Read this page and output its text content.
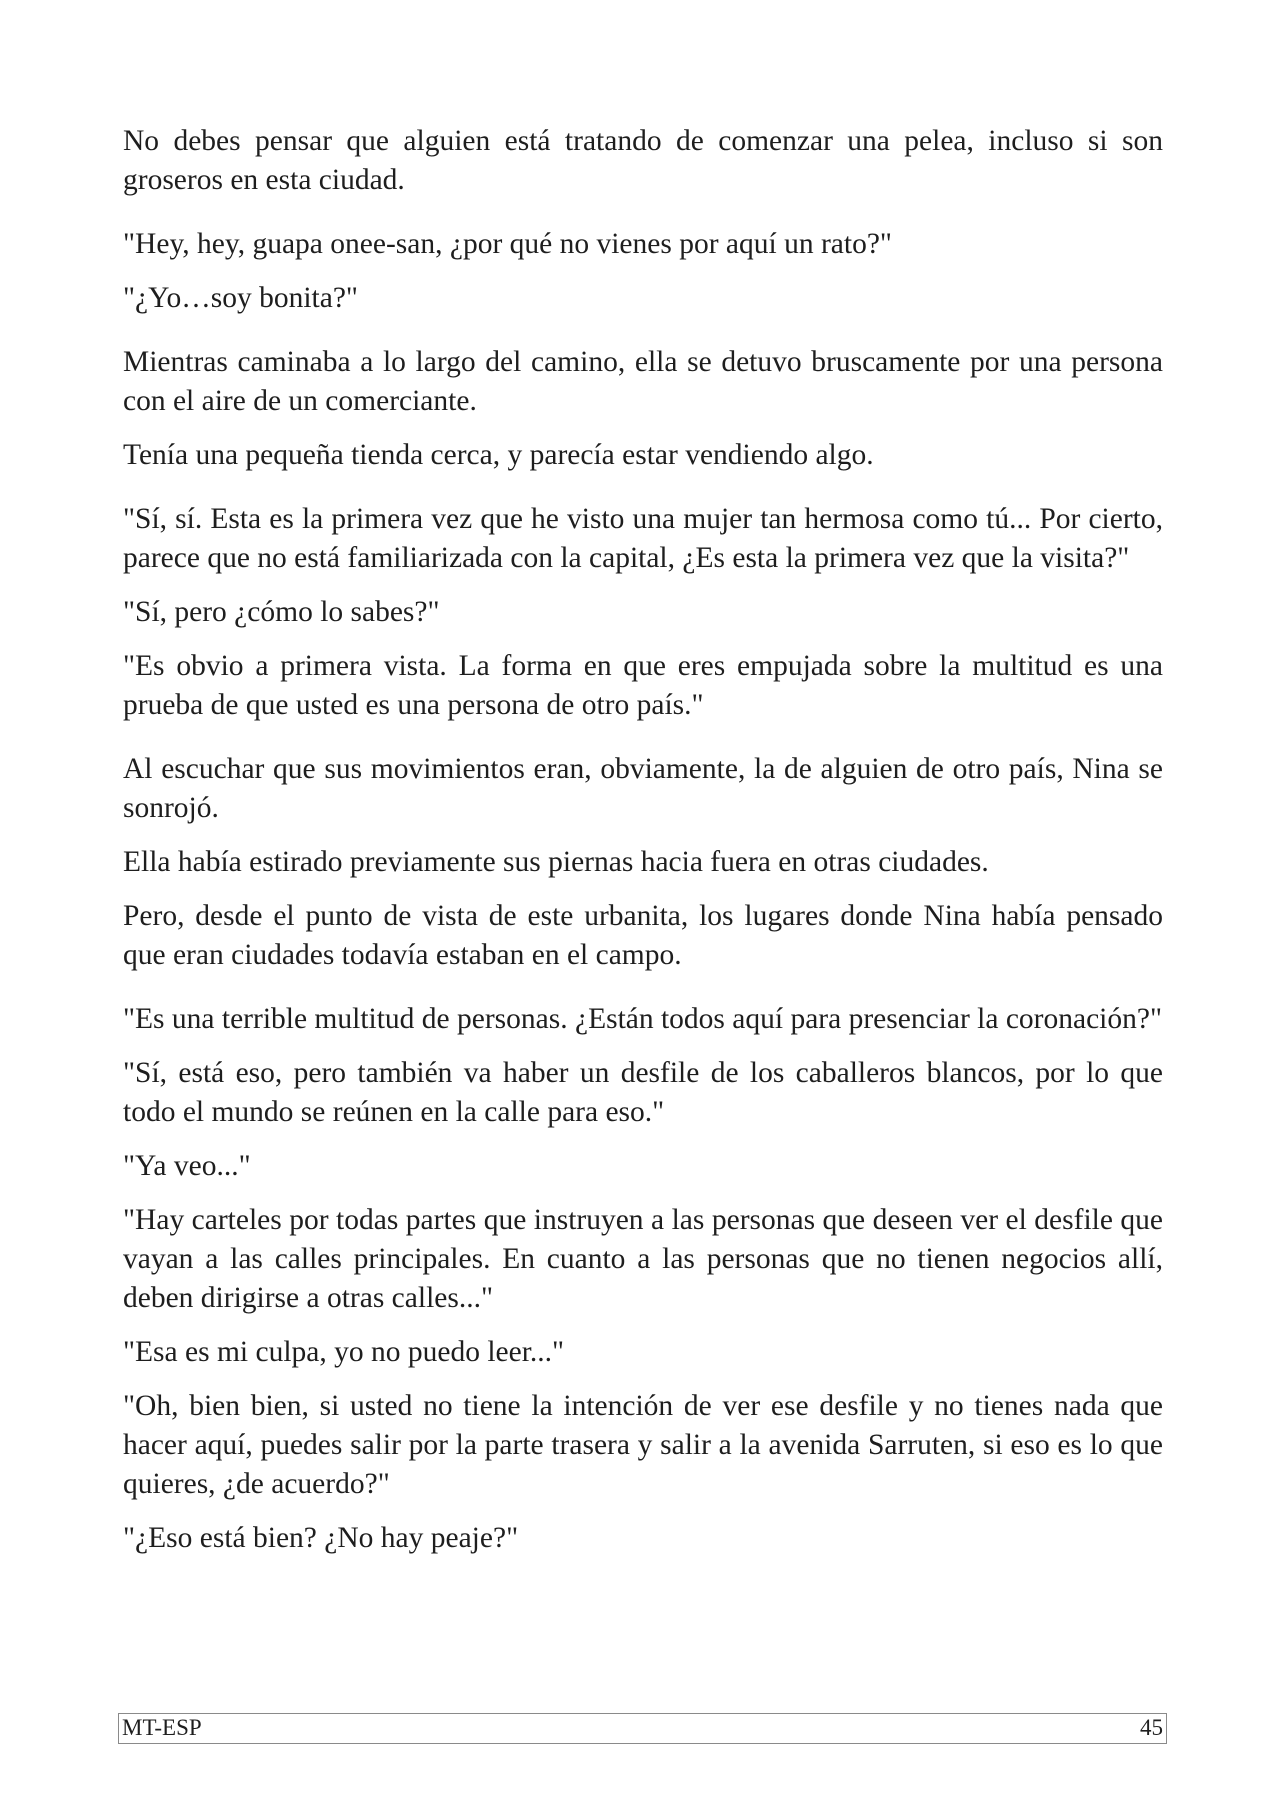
No debes pensar que alguien está tratando de comenzar una pelea, incluso si son groseros en esta ciudad.

"Hey, hey, guapa onee-san, ¿por qué no vienes por aquí un rato?"

"¿Yo…soy bonita?"

Mientras caminaba a lo largo del camino, ella se detuvo bruscamente por una persona con el aire de un comerciante.

Tenía una pequeña tienda cerca, y parecía estar vendiendo algo.

"Sí, sí. Esta es la primera vez que he visto una mujer tan hermosa como tú... Por cierto, parece que no está familiarizada con la capital, ¿Es esta la primera vez que la visita?"

"Sí, pero ¿cómo lo sabes?"

"Es obvio a primera vista. La forma en que eres empujada sobre la multitud es una prueba de que usted es una persona de otro país."

Al escuchar que sus movimientos eran, obviamente, la de alguien de otro país, Nina se sonrojó.

Ella había estirado previamente sus piernas hacia fuera en otras ciudades.

Pero, desde el punto de vista de este urbanita, los lugares donde Nina había pensado que eran ciudades todavía estaban en el campo.

"Es una terrible multitud de personas. ¿Están todos aquí para presenciar la coronación?"

"Sí, está eso, pero también va haber un desfile de los caballeros blancos, por lo que todo el mundo se reúnen en la calle para eso."

"Ya veo..."

"Hay carteles por todas partes que instruyen a las personas que deseen ver el desfile que vayan a las calles principales. En cuanto a las personas que no tienen negocios allí, deben dirigirse a otras calles..."

"Esa es mi culpa, yo no puedo leer..."

"Oh, bien bien, si usted no tiene la intención de ver ese desfile y no tienes nada que hacer aquí, puedes salir por la parte trasera y salir a la avenida Sarruten, si eso es lo que quieres, ¿de acuerdo?"

"¿Eso está bien? ¿No hay peaje?"

MT-ESP	45
